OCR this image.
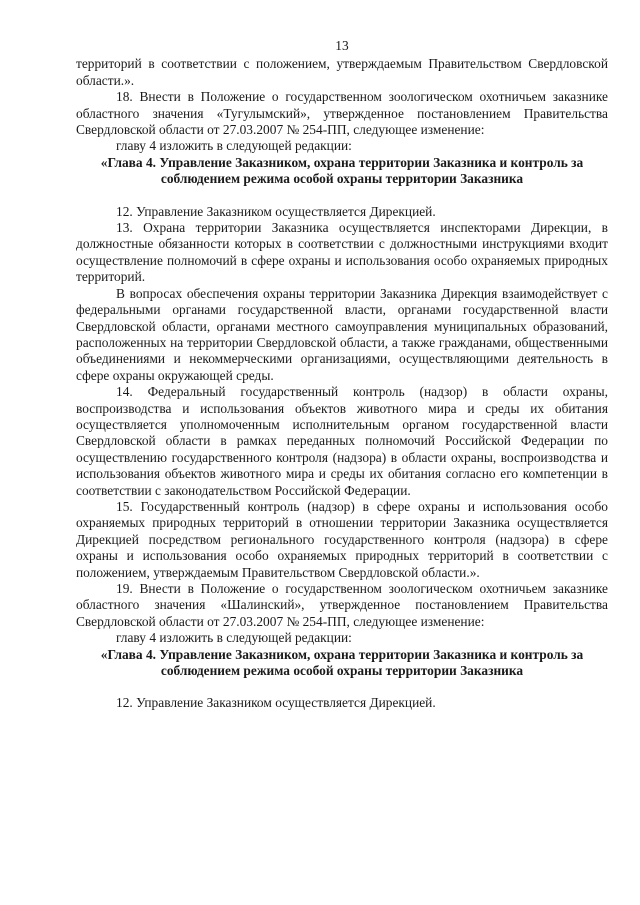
13

территорий в соответствии с положением, утверждаемым Правительством Свердловской области.».

18. Внести в Положение о государственном зоологическом охотничьем заказнике областного значения «Тугулымский», утвержденное постановлением Правительства Свердловской области от 27.03.2007 № 254-ПП, следующее изменение:

главу 4 изложить в следующей редакции:

«Глава 4. Управление Заказником, охрана территории Заказника и контроль за соблюдением режима особой охраны территории Заказника

12. Управление Заказником осуществляется Дирекцией.

13. Охрана территории Заказника осуществляется инспекторами Дирекции, в должностные обязанности которых в соответствии с должностными инструкциями входит осуществление полномочий в сфере охраны и использования особо охраняемых природных территорий.

В вопросах обеспечения охраны территории Заказника Дирекция взаимодействует с федеральными органами государственной власти, органами государственной власти Свердловской области, органами местного самоуправления муниципальных образований, расположенных на территории Свердловской области, а также гражданами, общественными объединениями и некоммерческими организациями, осуществляющими деятельность в сфере охраны окружающей среды.

14. Федеральный государственный контроль (надзор) в области охраны, воспроизводства и использования объектов животного мира и среды их обитания осуществляется уполномоченным исполнительным органом государственной власти Свердловской области в рамках переданных полномочий Российской Федерации по осуществлению государственного контроля (надзора) в области охраны, воспроизводства и использования объектов животного мира и среды их обитания согласно его компетенции в соответствии с законодательством Российской Федерации.

15. Государственный контроль (надзор) в сфере охраны и использования особо охраняемых природных территорий в отношении территории Заказника осуществляется Дирекцией посредством регионального государственного контроля (надзора) в сфере охраны и использования особо охраняемых природных территорий в соответствии с положением, утверждаемым Правительством Свердловской области.».

19. Внести в Положение о государственном зоологическом охотничьем заказнике областного значения «Шалинский», утвержденное постановлением Правительства Свердловской области от 27.03.2007 № 254-ПП, следующее изменение:

главу 4 изложить в следующей редакции:

«Глава 4. Управление Заказником, охрана территории Заказника и контроль за соблюдением режима особой охраны территории Заказника

12. Управление Заказником осуществляется Дирекцией.
